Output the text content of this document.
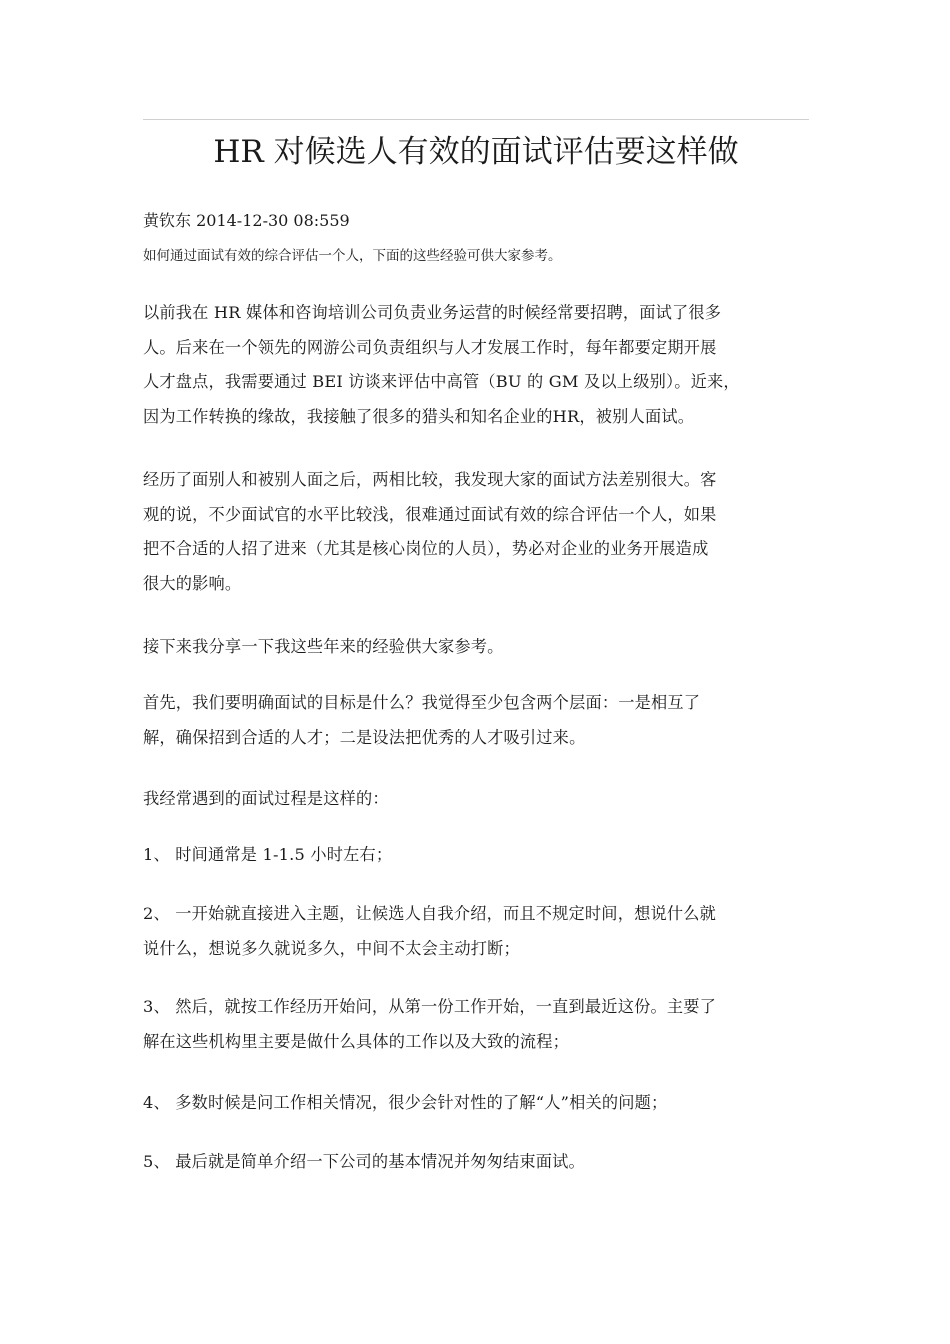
HR 对候选人有效的面试评估要这样做
黄钦东 2014-12-30 08:559
如何通过面试有效的综合评估一个人，下面的这些经验可供大家参考。

以前我在 HR 媒体和咨询培训公司负责业务运营的时候经常要招聘，面试了很多
人。后来在一个领先的网游公司负责组织与人才发展工作时，每年都要定期开展
人才盘点，我需要通过 BEI 访谈来评估中高管（BU 的 GM 及以上级别）。近来，
因为工作转换的缘故，我接触了很多的猎头和知名企业的HR，被别人面试。

经历了面别人和被别人面之后，两相比较，我发现大家的面试方法差别很大。客
观的说，不少面试官的水平比较浅，很难通过面试有效的综合评估一个人，如果
把不合适的人招了进来（尤其是核心岗位的人员），势必对企业的业务开展造成
很大的影响。

接下来我分享一下我这些年来的经验供大家参考。

首先，我们要明确面试的目标是什么？我觉得至少包含两个层面：一是相互了
解，确保招到合适的人才；二是设法把优秀的人才吸引过来。

我经常遇到的面试过程是这样的：

1、 时间通常是 1-1.5 小时左右；

2、 一开始就直接进入主题，让候选人自我介绍，而且不规定时间，想说什么就
说什么，想说多久就说多久，中间不太会主动打断；

3、 然后，就按工作经历开始问，从第一份工作开始，一直到最近这份。主要了
解在这些机构里主要是做什么具体的工作以及大致的流程；

4、 多数时候是问工作相关情况，很少会针对性的了解“人”相关的问题；

5、 最后就是简单介绍一下公司的基本情况并匆匆结束面试。
